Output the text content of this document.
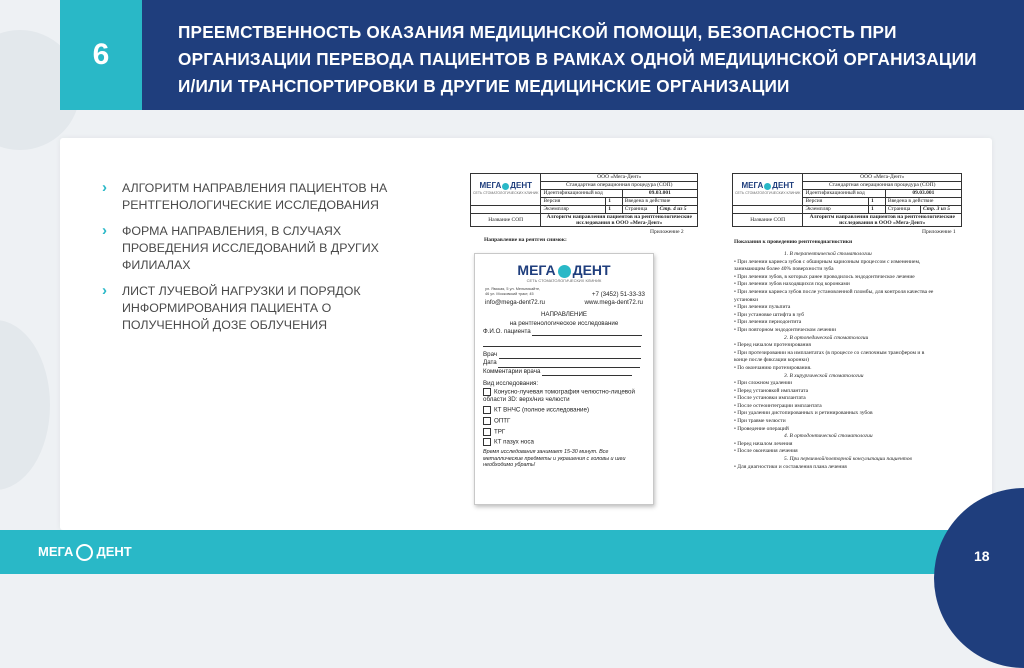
6
ПРЕЕМСТВЕННОСТЬ ОКАЗАНИЯ МЕДИЦИНСКОЙ ПОМОЩИ, БЕЗОПАСНОСТЬ ПРИ
ОРГАНИЗАЦИИ ПЕРЕВОДА ПАЦИЕНТОВ В РАМКАХ ОДНОЙ МЕДИЦИНСКОЙ ОРГАНИЗАЦИИ
И/ИЛИ ТРАНСПОРТИРОВКИ В ДРУГИЕ МЕДИЦИНСКИЕ ОРГАНИЗАЦИИ
› АЛГОРИТМ НАПРАВЛЕНИЯ ПАЦИЕНТОВ НА РЕНТГЕНОЛОГИЧЕСКИЕ ИССЛЕДОВАНИЯ
› ФОРМА НАПРАВЛЕНИЯ, В СЛУЧАЯХ ПРОВЕДЕНИЯ ИССЛЕДОВАНИЙ В ДРУГИХ ФИЛИАЛАХ
› ЛИСТ ЛУЧЕВОЙ НАГРУЗКИ И ПОРЯДОК ИНФОРМИРОВАНИЯ ПАЦИЕНТА О ПОЛУЧЕННОЙ ДОЗЕ ОБЛУЧЕНИЯ
МЕГА ДЕНТ
СЕТЬ СТОМАТОЛОГИЧЕСКИХ КЛИНИК	ООО «Мега-Дент»			
	Стандартная операционная процедура (СОП)			
	Идентификационный код		09.03.001	
	Версия	1	Введена в действие	
	Экземпляр	1	Страница	Стр. 4 из 5
Название СОП	Алгоритм направления пациентов на рентгенологические исследования в ООО «Мега-Дент»			
Приложение 2
Направление на рентген снимок:
МЕГА ДЕНТ
СЕТЬ СТОМАТОЛОГИЧЕСКИХ КЛИНИК
ул. Ямская, 5 ул. Мельникайте, 46 ул. Московский тракт, 45	+7 (3452) 51-33-33
info@mega-dent72.ru	www.mega-dent72.ru
НАПРАВЛЕНИЕ
на рентгенологическое исследование
Ф.И.О. пациента
Врач
Дата
Комментарии врача
Вид исследования:
Конусно-лучевая томография челюстно-лицевой области 3D: верх/низ челюсти
КТ ВНЧС (полное исследование)
ОПТГ
ТРГ
КТ пазух носа
Время исследования занимает 15-30 минут. Все металлические предметы и украшения с головы и шеи необходимо убрать!
МЕГА ДЕНТ
СЕТЬ СТОМАТОЛОГИЧЕСКИХ КЛИНИК	ООО «Мега-Дент»			
	Стандартная операционная процедура (СОП)			
	Идентификационный код		09.03.001	
	Версия	1	Введена в действие	
	Экземпляр	1	Страница	Стр. 3 из 5
Название СОП	Алгоритм направления пациентов на рентгенологические исследования в ООО «Мега-Дент»			
Приложение 1
Показания к проведению рентгенодиагностики
1. В терапевтической стоматологии
• При лечении кариеса зубов с обширным кариозным процессом с изменением,
занимающим более 40% поверхности зуба
• При лечении зубов, в которых ранее проводилось эндодонтическое лечение
• При лечении зубов находящихся под коронками
• При лечении кариеса зубов после установленной пломбы, для контроля качества ее
установки
• При лечении пульпита
• При установке штифта в зуб
• При лечении периодонтита
• При повторном эндодонтическом лечении
2. В ортопедической стоматологии
• Перед началом протезирования
• При протезировании на имплантатах (в процессе со слепочным трансфером и в
конце после фиксации коронки)
• По окончанию протезирования.
3. В хирургической стоматологии
• При сложном удалении
• Перед установкой имплантата
• После установки имплантата
• После остеоинтеграции имплантата
• При удалении дистопированных и ретинированных зубов
• При травме челюсти
• Проведение операций
4. В ортодонтической стоматологии
• Перед началом лечения
• После окончания лечения
5. При первичной/повторной консультации пациентов
• Для диагностики и составления плана лечения
МЕГА ДЕНТ	18
